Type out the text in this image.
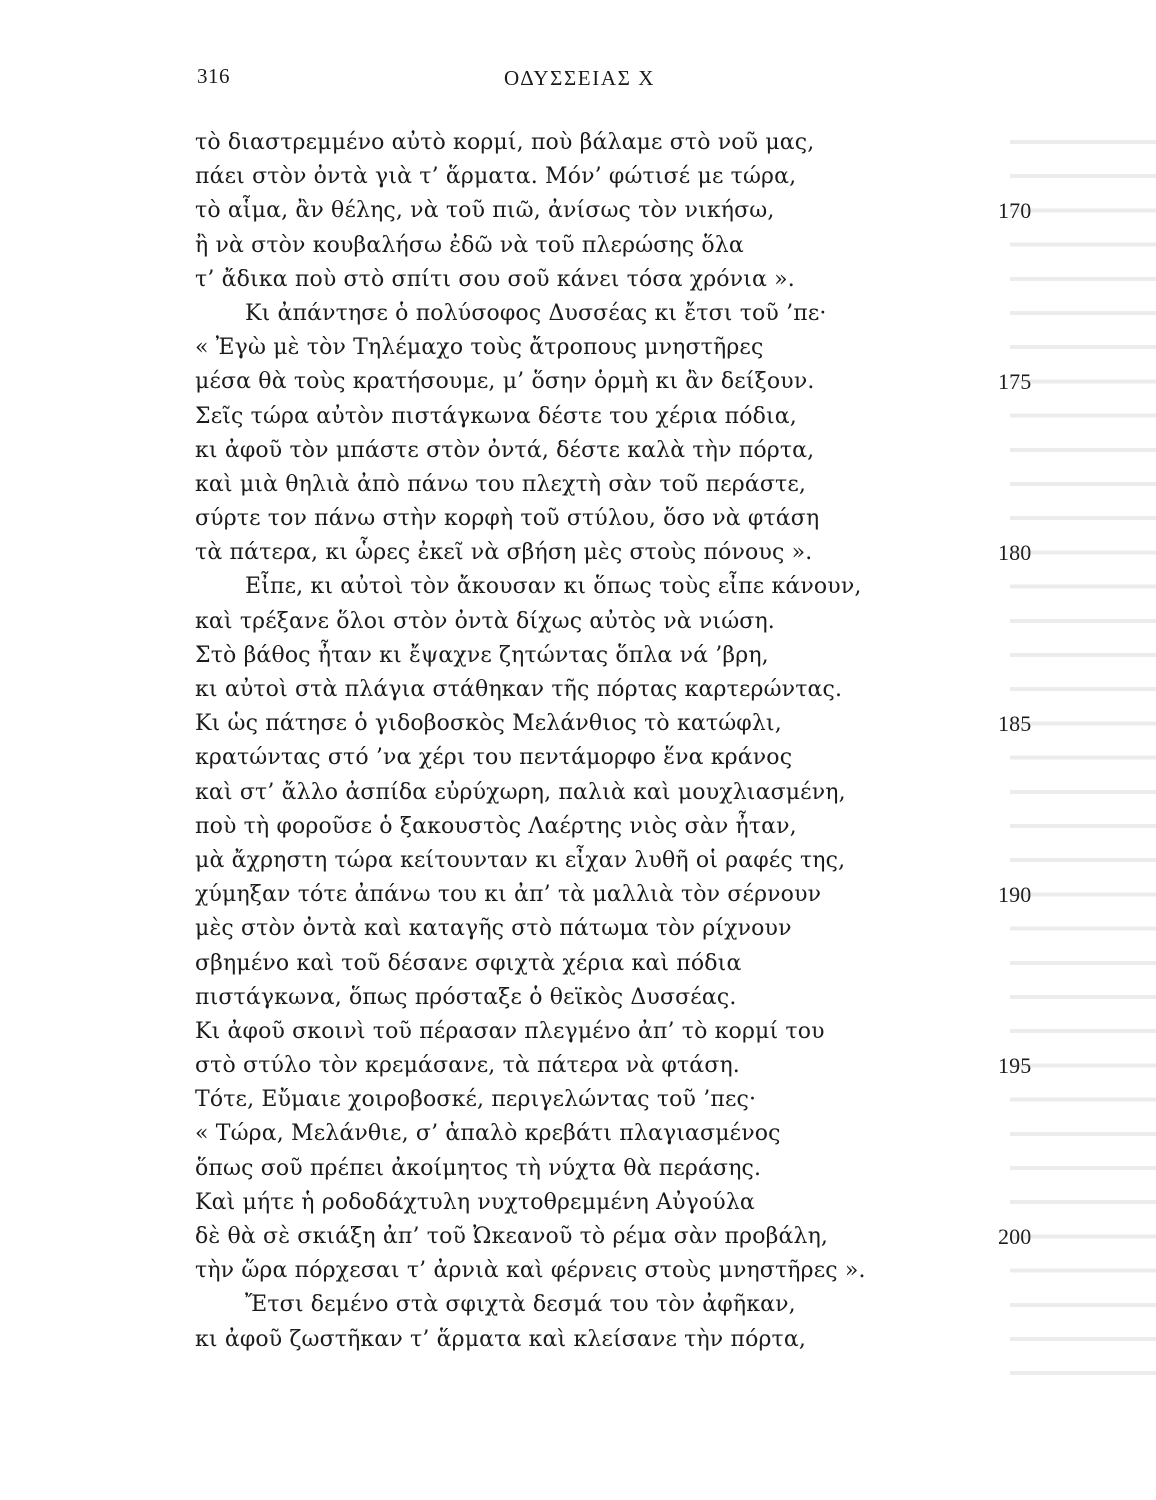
316	ΟΔΥΣΣΕΙΑΣ Χ
τὸ διαστρεμμένο αὐτὸ κορμί, ποὺ βάλαμε στὸ νοῦ μας,
πάει στὸν ὀντὰ γιὰ τ’ ἅρματα. Μόν’ φώτισέ με τώρα,
τὸ αἷμα, ἂν θέλης, νὰ τοῦ πιῶ, ἀνίσως τὸν νικήσω,	170
ἢ νὰ στὸν κουβαλήσω ἐδῶ νὰ τοῦ πλερώσης ὅλα
τ’ ἄδικα ποὺ στὸ σπίτι σου σοῦ κάνει τόσα χρόνια ».
Κι ἀπάντησε ὁ πολύσοφος Δυσσέας κι ἔτσι τοῦ ’πε·
« Ἐγὼ μὲ τὸν Τηλέμαχο τοὺς ἄτροπους μνηστῆρες
μέσα θὰ τοὺς κρατήσουμε, μ’ ὅσην ὁρμὴ κι ἂν δείξουν.	175
Σεῖς τώρα αὐτὸν πιστάγκωνα δέστε του χέρια πόδια,
κι ἀφοῦ τὸν μπάστε στὸν ὀντά, δέστε καλὰ τὴν πόρτα,
καὶ μιὰ θηλιὰ ἀπὸ πάνω του πλεχτὴ σὰν τοῦ περάστε,
σύρτε τον πάνω στὴν κορφὴ τοῦ στύλου, ὅσο νὰ φτάση
τὰ πάτερα, κι ὧρες ἐκεῖ νὰ σβήση μὲς στοὺς πόνους ».	180
Εἶπε, κι αὐτοὶ τὸν ἄκουσαν κι ὅπως τοὺς εἶπε κάνουν,
καὶ τρέξανε ὅλοι στὸν ὀντὰ δίχως αὐτὸς νὰ νιώση.
Στὸ βάθος ἦταν κι ἔψαχνε ζητώντας ὅπλα νά ’βρη,
κι αὐτοὶ στὰ πλάγια στάθηκαν τῆς πόρτας καρτερώντας.
Κι ὡς πάτησε ὁ γιδοβοσκὸς Μελάνθιος τὸ κατώφλι,	185
κρατώντας στό ’να χέρι του πεντάμορφο ἕνα κράνος
καὶ στ’ ἄλλο ἀσπίδα εὐρύχωρη, παλιὰ καὶ μουχλιασμένη,
ποὺ τὴ φοροῦσε ὁ ξακουστὸς Λαέρτης νιὸς σὰν ἦταν,
μὰ ἄχρηστη τώρα κείτουνταν κι εἶχαν λυθῆ οἱ ραφές της,
χύμηξαν τότε ἀπάνω του κι ἀπ’ τὰ μαλλιὰ τὸν σέρνουν	190
μὲς στὸν ὀντὰ καὶ καταγῆς στὸ πάτωμα τὸν ρίχνουν
σβημένο καὶ τοῦ δέσανε σφιχτὰ χέρια καὶ πόδια
πιστάγκωνα, ὅπως πρόσταξε ὁ θεϊκὸς Δυσσέας.
Κι ἀφοῦ σκοινὶ τοῦ πέρασαν πλεγμένο ἀπ’ τὸ κορμί του
στὸ στύλο τὸν κρεμάσανε, τὰ πάτερα νὰ φτάση.	195
Τότε, Εὔμαιε χοιροβοσκέ, περιγελώντας τοῦ ’πες·
« Τώρα, Μελάνθιε, σ’ ἁπαλὸ κρεβάτι πλαγιασμένος
ὅπως σοῦ πρέπει ἀκοίμητος τὴ νύχτα θὰ περάσης.
Καὶ μήτε ἡ ροδοδάχτυλη νυχτοθρεμμένη Αὐγούλα
δὲ θὰ σὲ σκιάξη ἀπ’ τοῦ Ὠκεανοῦ τὸ ρέμα σὰν προβάλη,	200
τὴν ὥρα πόρχεσαι τ’ ἀρνιὰ καὶ φέρνεις στοὺς μνηστῆρες ».
Ἔτσι δεμένο στὰ σφιχτὰ δεσμά του τὸν ἀφῆκαν,
κι ἀφοῦ ζωστῆκαν τ’ ἅρματα καὶ κλείσανε τὴν πόρτα,
